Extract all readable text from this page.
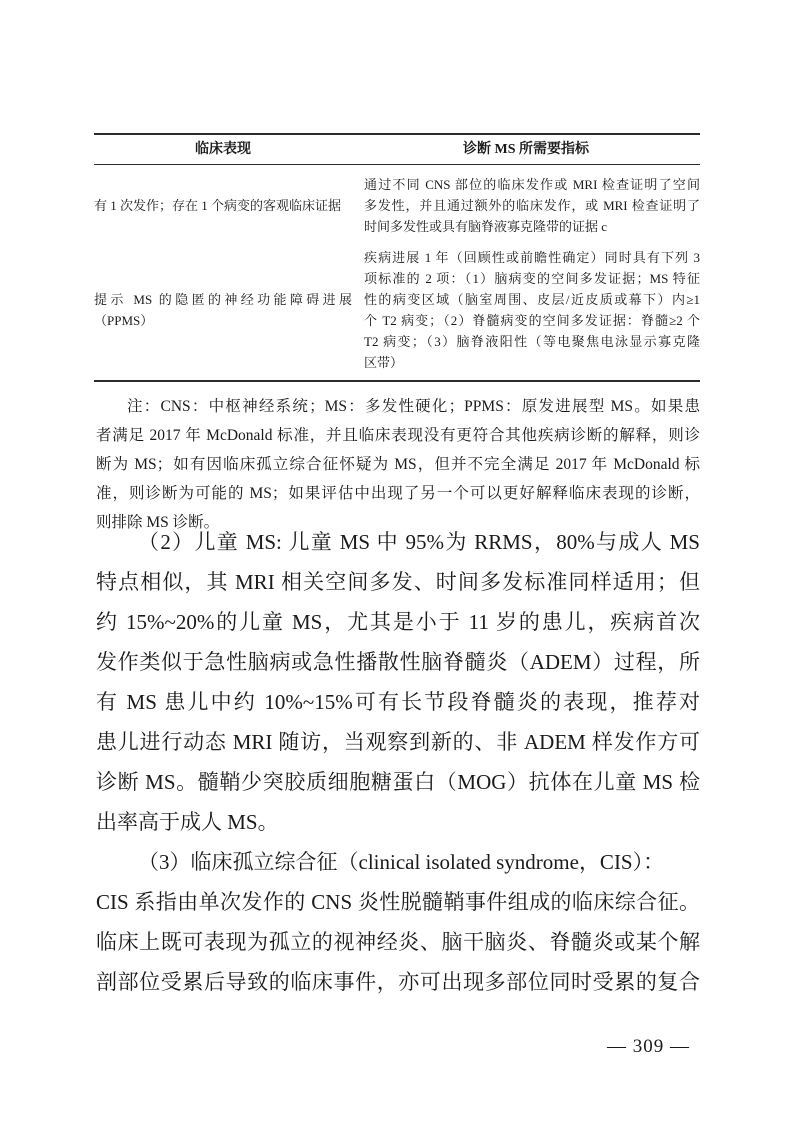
临床表现	诊断 MS 所需要指标
有 1 次发作；存在 1 个病变的客观临床证据
通过不同 CNS 部位的临床发作或 MRI 检查证明了空间
多发性，并且通过额外的临床发作，或 MRI 检查证明了
时间多发性或具有脑脊液寡克隆带的证据 c
提示 MS 的隐匿的神经功能障碍进展
（PPMS）
疾病进展 1 年（回顾性或前瞻性确定）同时具有下列 3
项标准的 2 项：（1）脑病变的空间多发证据；MS 特征
性的病变区域（脑室周围、皮层/近皮质或幕下）内≥1
个 T2 病变；（2）脊髓病变的空间多发证据：脊髓≥2 个
T2 病变；（3）脑脊液阳性（等电聚焦电泳显示寡克隆
区带）
注：CNS：中枢神经系统；MS：多发性硬化；PPMS：原发进展型 MS。如果患
者满足 2017 年 McDonald 标准，并且临床表现没有更符合其他疾病诊断的解释，则诊
断为 MS；如有因临床孤立综合征怀疑为 MS，但并不完全满足 2017 年 McDonald 标
准，则诊断为可能的 MS；如果评估中出现了另一个可以更好解释临床表现的诊断，
则排除 MS 诊断。
（2）儿童 MS: 儿童 MS 中 95%为 RRMS，80%与成人 MS
特点相似，其 MRI 相关空间多发、时间多发标准同样适用；但
约 15%~20%的儿童 MS，尤其是小于 11 岁的患儿，疾病首次
发作类似于急性脑病或急性播散性脑脊髓炎（ADEM）过程，所
有 MS 患儿中约 10%~15%可有长节段脊髓炎的表现，推荐对
患儿进行动态 MRI 随访，当观察到新的、非 ADEM 样发作方可
诊断 MS。髓鞘少突胶质细胞糖蛋白（MOG）抗体在儿童 MS 检
出率高于成人 MS。
（3）临床孤立综合征（clinical isolated syndrome，CIS）：
CIS 系指由单次发作的 CNS 炎性脱髓鞘事件组成的临床综合征。
临床上既可表现为孤立的视神经炎、脑干脑炎、脊髓炎或某个解
剖部位受累后导致的临床事件，亦可出现多部位同时受累的复合
— 309 —
